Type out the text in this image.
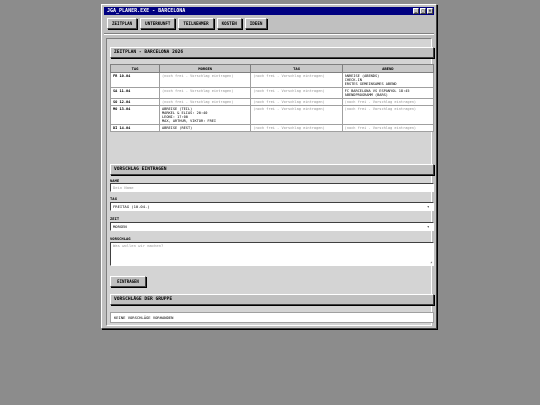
JGA_PLANER.EXE - BARCELONA	_	□	×
ZEITPLAN	UNTERKUNFT	TEILNEHMER	KOSTEN	IDEEN
ZEITPLAN - BARCELONA 2026
TAG	MORGEN	TAG	ABEND
FR 10.04	(noch frei - Vorschlag eintragen)	(noch frei - Vorschlag eintragen)	ANREISE (ABENDS)
CHECK-IN
ERSTES GEMEINSAMES ABEND

SA 11.04	(noch frei - Vorschlag eintragen)	(noch frei - Vorschlag eintragen)	FC BARCELONA VS ESPANYOL 18:45
ABENDPROGRAMM (BARS)

SO 12.04	(noch frei - Vorschlag eintragen)	(noch frei - Vorschlag eintragen)	(noch frei - Vorschlag eintragen)

MO 13.04	ABREISE (TEIL)
MARKEL & ELIAS: 20:40
LEONI: 17:00
MAX, ARTHUR, VIKTOR: FREI	(noch frei - Vorschlag eintragen)	(noch frei - Vorschlag eintragen)

DI 14.04	ABREISE (REST)	(noch frei - Vorschlag eintragen)	(noch frei - Vorschlag eintragen)
VORSCHLAG EINTRAGEN
NAME
Dein Name
TAG
FREITAG (10.04.)	▾
ZEIT
MORGEN	▾
VORSCHLAG
Was wollen wir machen?
◢
EINTRAGEN
VORSCHLÄGE DER GRUPPE
KEINE VORSCHLÄGE VORHANDEN
